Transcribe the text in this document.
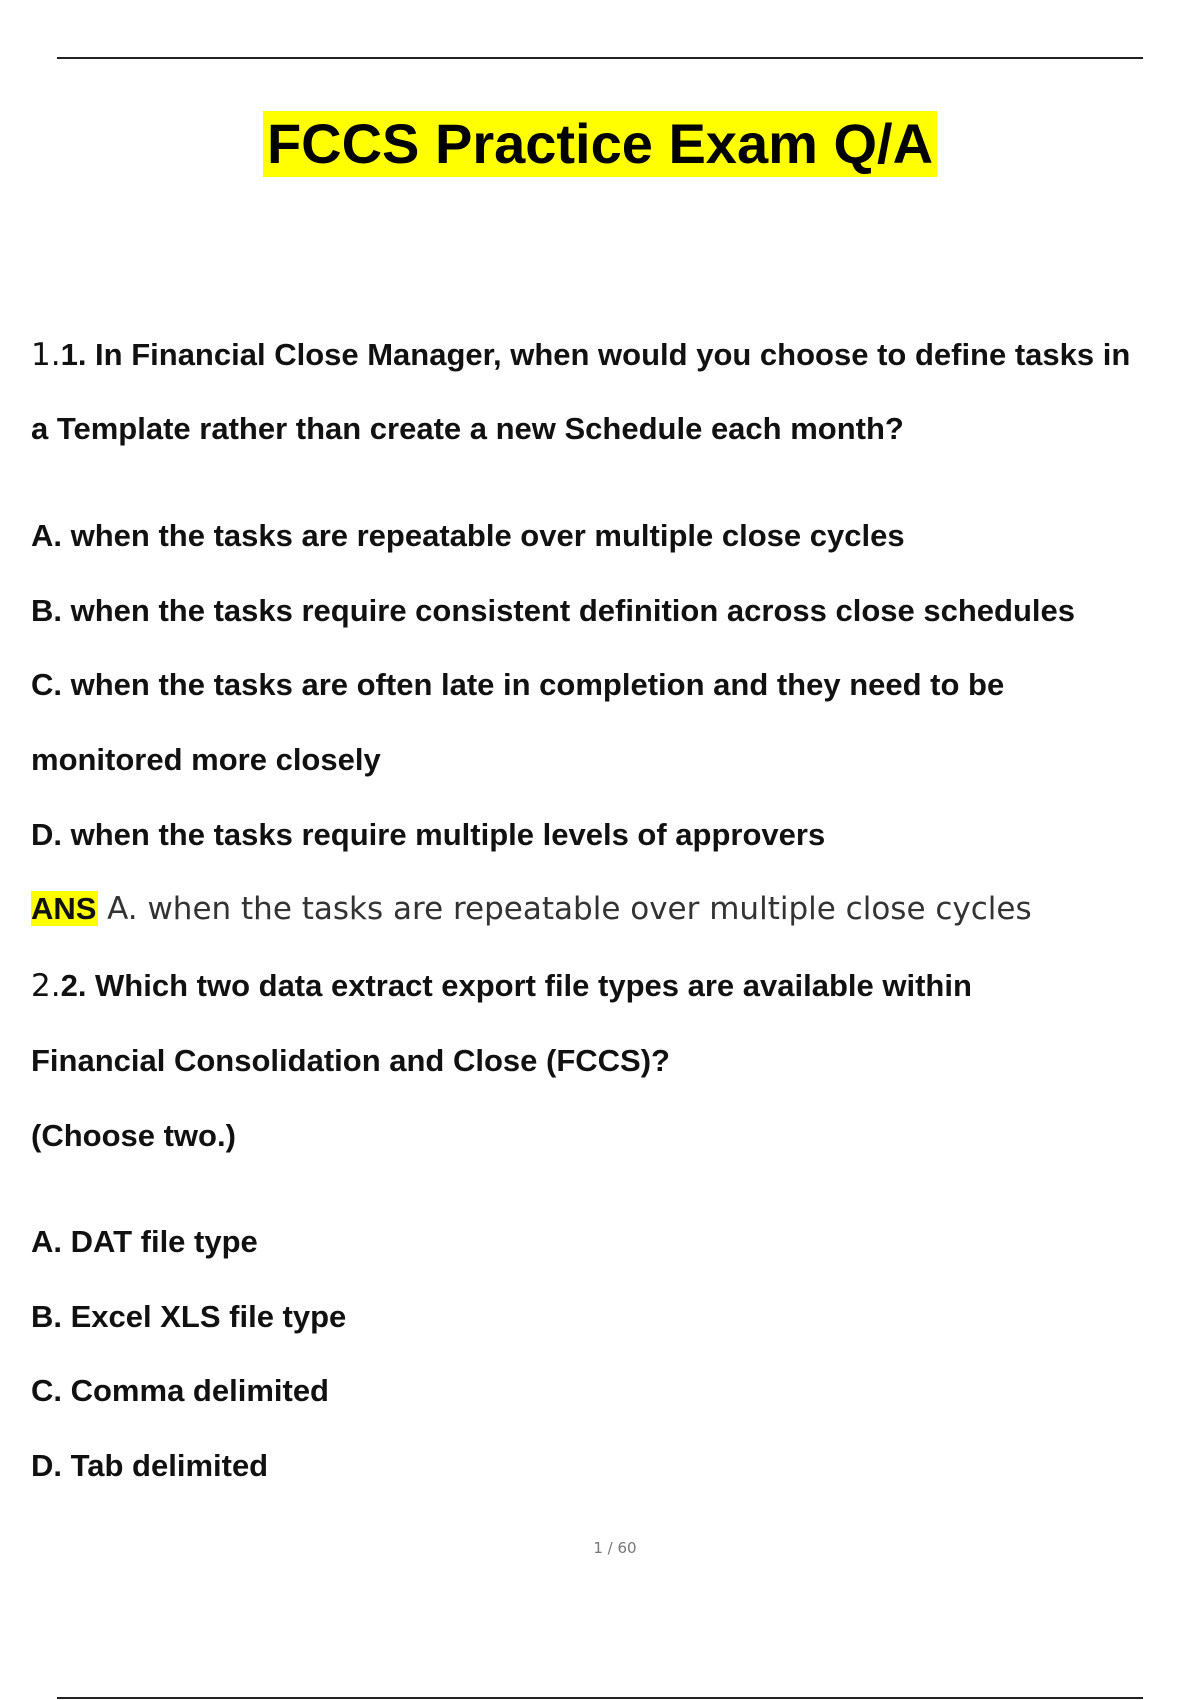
FCCS Practice Exam Q/A
1.1. In Financial Close Manager, when would you choose to define tasks in
a Template rather than create a new Schedule each month?
A. when the tasks are repeatable over multiple close cycles
B. when the tasks require consistent definition across close schedules
C. when the tasks are often late in completion and they need to be
monitored more closely
D. when the tasks require multiple levels of approvers
ANS A. when the tasks are repeatable over multiple close cycles
2.2. Which two data extract export file types are available within
Financial Consolidation and Close (FCCS)?
(Choose two.)
A. DAT file type
B. Excel XLS file type
C. Comma delimited
D. Tab delimited
1 / 60
